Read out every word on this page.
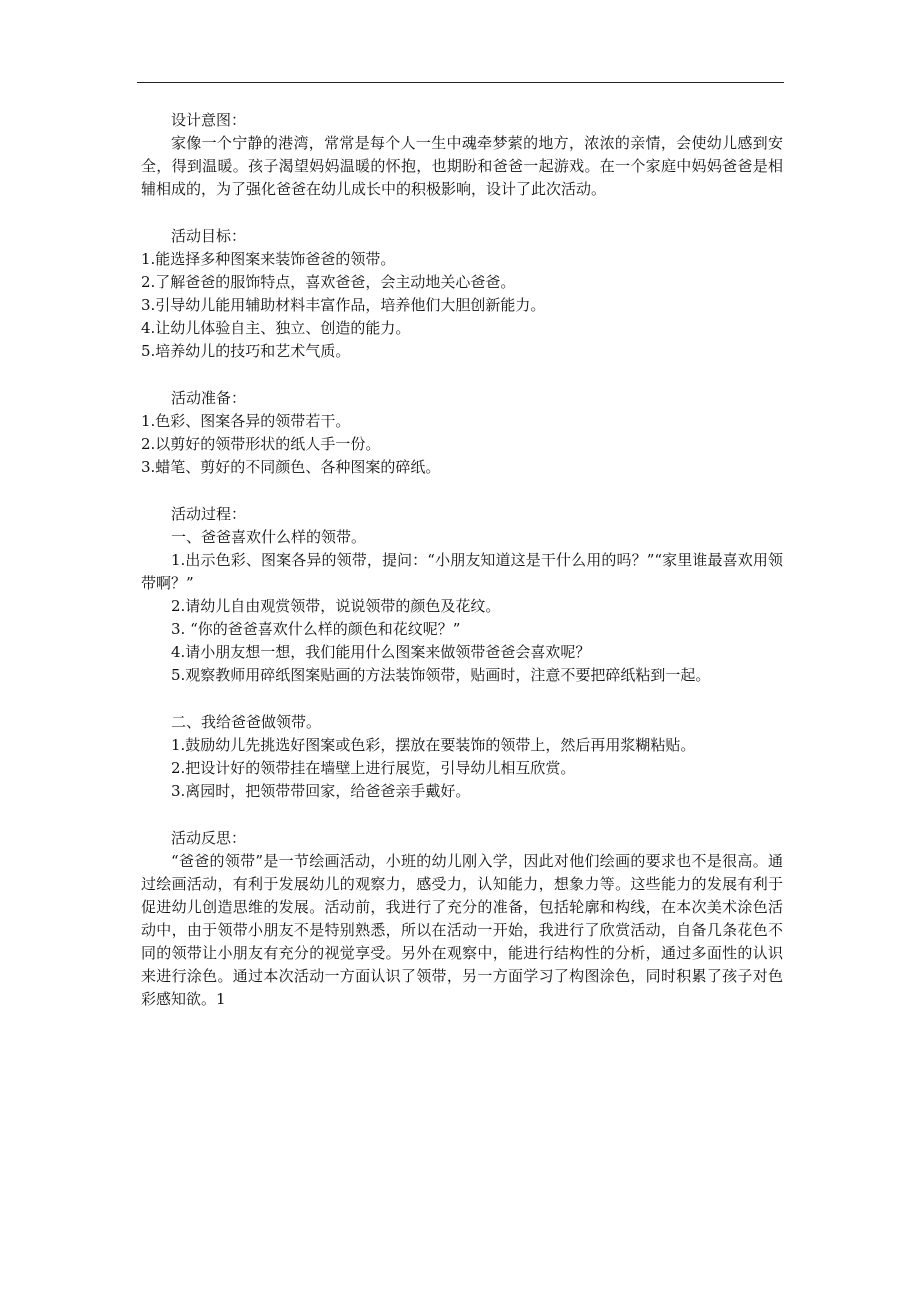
设计意图：

家像一个宁静的港湾，常常是每个人一生中魂牵梦萦的地方，浓浓的亲情，会使幼儿感到安全，得到温暖。孩子渴望妈妈温暖的怀抱，也期盼和爸爸一起游戏。在一个家庭中妈妈爸爸是相辅相成的，为了强化爸爸在幼儿成长中的积极影响，设计了此次活动。

活动目标：
1.能选择多种图案来装饰爸爸的领带。
2.了解爸爸的服饰特点，喜欢爸爸，会主动地关心爸爸。
3.引导幼儿能用辅助材料丰富作品，培养他们大胆创新能力。
4.让幼儿体验自主、独立、创造的能力。
5.培养幼儿的技巧和艺术气质。
活动准备：
1.色彩、图案各异的领带若干。
2.以剪好的领带形状的纸人手一份。
3.蜡笔、剪好的不同颜色、各种图案的碎纸。
活动过程：
一、爸爸喜欢什么样的领带。

1.出示色彩、图案各异的领带，提问：“小朋友知道这是干什么用的吗？”“家里谁最喜欢用领带啊？”

2.请幼儿自由观赏领带，说说领带的颜色及花纹。
3. “你的爸爸喜欢什么样的颜色和花纹呢？”
4.请小朋友想一想，我们能用什么图案来做领带爸爸会喜欢呢？
5.观察教师用碎纸图案贴画的方法装饰领带，贴画时，注意不要把碎纸粘到一起。
二、我给爸爸做领带。
1.鼓励幼儿先挑选好图案或色彩，摆放在要装饰的领带上，然后再用浆糊粘贴。
2.把设计好的领带挂在墙壁上进行展览，引导幼儿相互欣赏。
3.离园时，把领带带回家，给爸爸亲手戴好。
活动反思：

“爸爸的领带”是一节绘画活动，小班的幼儿刚入学，因此对他们绘画的要求也不是很高。通过绘画活动，有利于发展幼儿的观察力，感受力，认知能力，想象力等。这些能力的发展有利于促进幼儿创造思维的发展。活动前，我进行了充分的准备，包括轮廓和构线，在本次美术涂色活动中，由于领带小朋友不是特别熟悉，所以在活动一开始，我进行了欣赏活动，自备几条花色不同的领带让小朋友有充分的视觉享受。另外在观察中，能进行结构性的分析，通过多面性的认识来进行涂色。通过本次活动一方面认识了领带，另一方面学习了构图涂色，同时积累了孩子对色彩感知欲。1
